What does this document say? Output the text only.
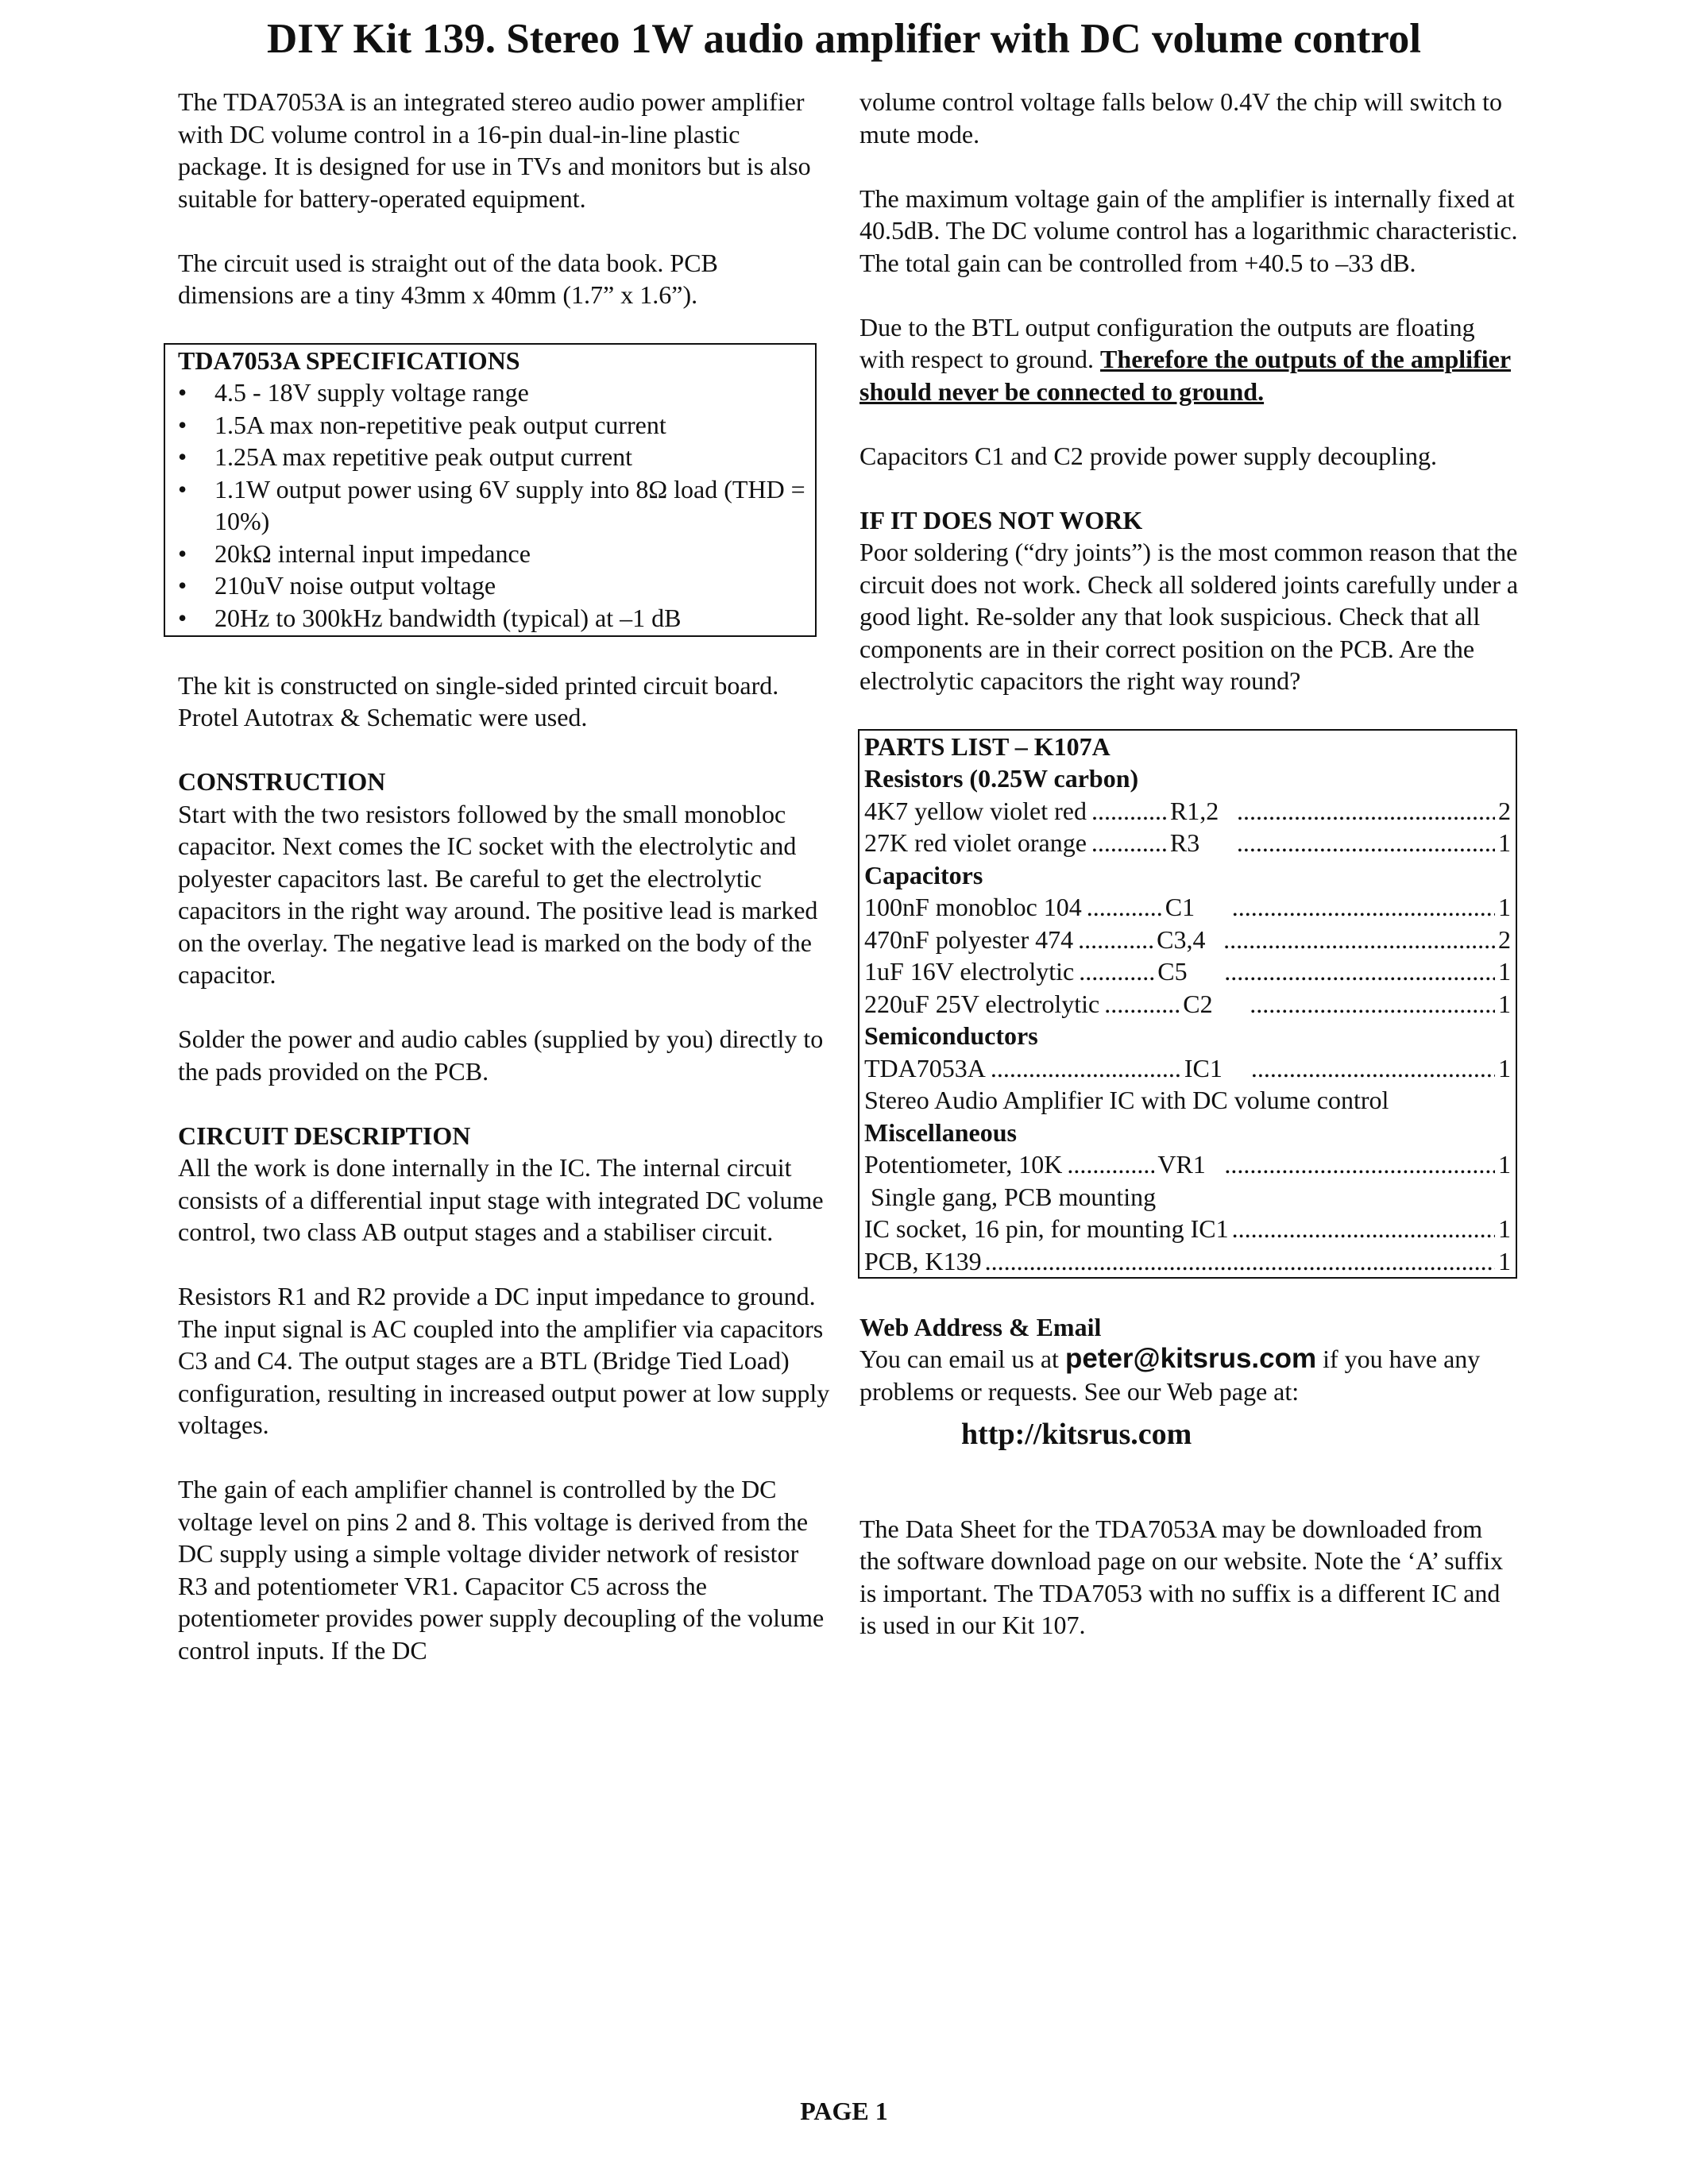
DIY Kit 139. Stereo 1W audio amplifier with DC volume control

The TDA7053A is an integrated stereo audio power amplifier with DC volume control in a 16-pin dual-in-line plastic package. It is designed for use in TVs and monitors but is also suitable for battery-operated equipment.

The circuit used is straight out of the data book. PCB dimensions are a tiny 43mm x 40mm (1.7” x 1.6”).

TDA7053A SPECIFICATIONS

• 4.5 - 18V supply voltage range
• 1.5A max non-repetitive peak output current
• 1.25A max repetitive peak output current
• 1.1W output power using 6V supply into 8Ω load (THD = 10%)
• 20kΩ internal input impedance
• 210uV noise output voltage
• 20Hz to 300kHz bandwidth (typical) at –1 dB

The kit is constructed on single-sided printed circuit board. Protel Autotrax & Schematic were used.

CONSTRUCTION

Start with the two resistors followed by the small monobloc capacitor. Next comes the IC socket with the electrolytic and polyester capacitors last. Be careful to get the electrolytic capacitors in the right way around. The positive lead is marked on the overlay. The negative lead is marked on the body of the capacitor.

Solder the power and audio cables (supplied by you) directly to the pads provided on the PCB.

CIRCUIT DESCRIPTION

All the work is done internally in the IC. The internal circuit consists of a differential input stage with integrated DC volume control, two class AB output stages and a stabiliser circuit.

Resistors R1 and R2 provide a DC input impedance to ground. The input signal is AC coupled into the amplifier via capacitors C3 and C4. The output stages are a BTL (Bridge Tied Load) configuration, resulting in increased output power at low supply voltages.

The gain of each amplifier channel is controlled by the DC voltage level on pins 2 and 8. This voltage is derived from the DC supply using a simple voltage divider network of resistor R3 and potentiometer VR1. Capacitor C5 across the potentiometer provides power supply decoupling of the volume control inputs. If the DC

volume control voltage falls below 0.4V the chip will switch to mute mode.

The maximum voltage gain of the amplifier is internally fixed at 40.5dB. The DC volume control has a logarithmic characteristic. The total gain can be controlled from +40.5 to –33 dB.

Due to the BTL output configuration the outputs are floating with respect to ground. Therefore the outputs of the amplifier should never be connected to ground.

Capacitors C1 and C2 provide power supply decoupling.

IF IT DOES NOT WORK

Poor soldering (“dry joints”) is the most common reason that the circuit does not work. Check all soldered joints carefully under a good light. Re-solder any that look suspicious. Check that all components are in their correct position on the PCB. Are the electrolytic capacitors the right way round?

PARTS LIST – K107A

Resistors (0.25W carbon)

4K7 yellow violet red .....	R1,2 .....	2
27K red violet orange .....	R3 .....	1

Capacitors

100nF monobloc 104 .....	C1 .....	1
470nF polyester 474 .....	C3,4 .....	2
1uF 16V electrolytic .....	C5 .....	1
220uF 25V electrolytic .....	C2 .....	1

Semiconductors

TDA7053A .....	IC1 .....	1

Stereo Audio Amplifier IC with DC volume control

Miscellaneous

Potentiometer, 10K .....	VR1 .....	1

Single gang, PCB mounting

IC socket, 16 pin, for mounting IC1 .....	1
PCB, K139 .....	1

Web Address & Email

You can email us at peter@kitsrus.com if you have any problems or requests. See our Web page at:

http://kitsrus.com

The Data Sheet for the TDA7053A may be downloaded from the software download page on our website. Note the ‘A’ suffix is important. The TDA7053 with no suffix is a different IC and is used in our Kit 107.

PAGE 1
